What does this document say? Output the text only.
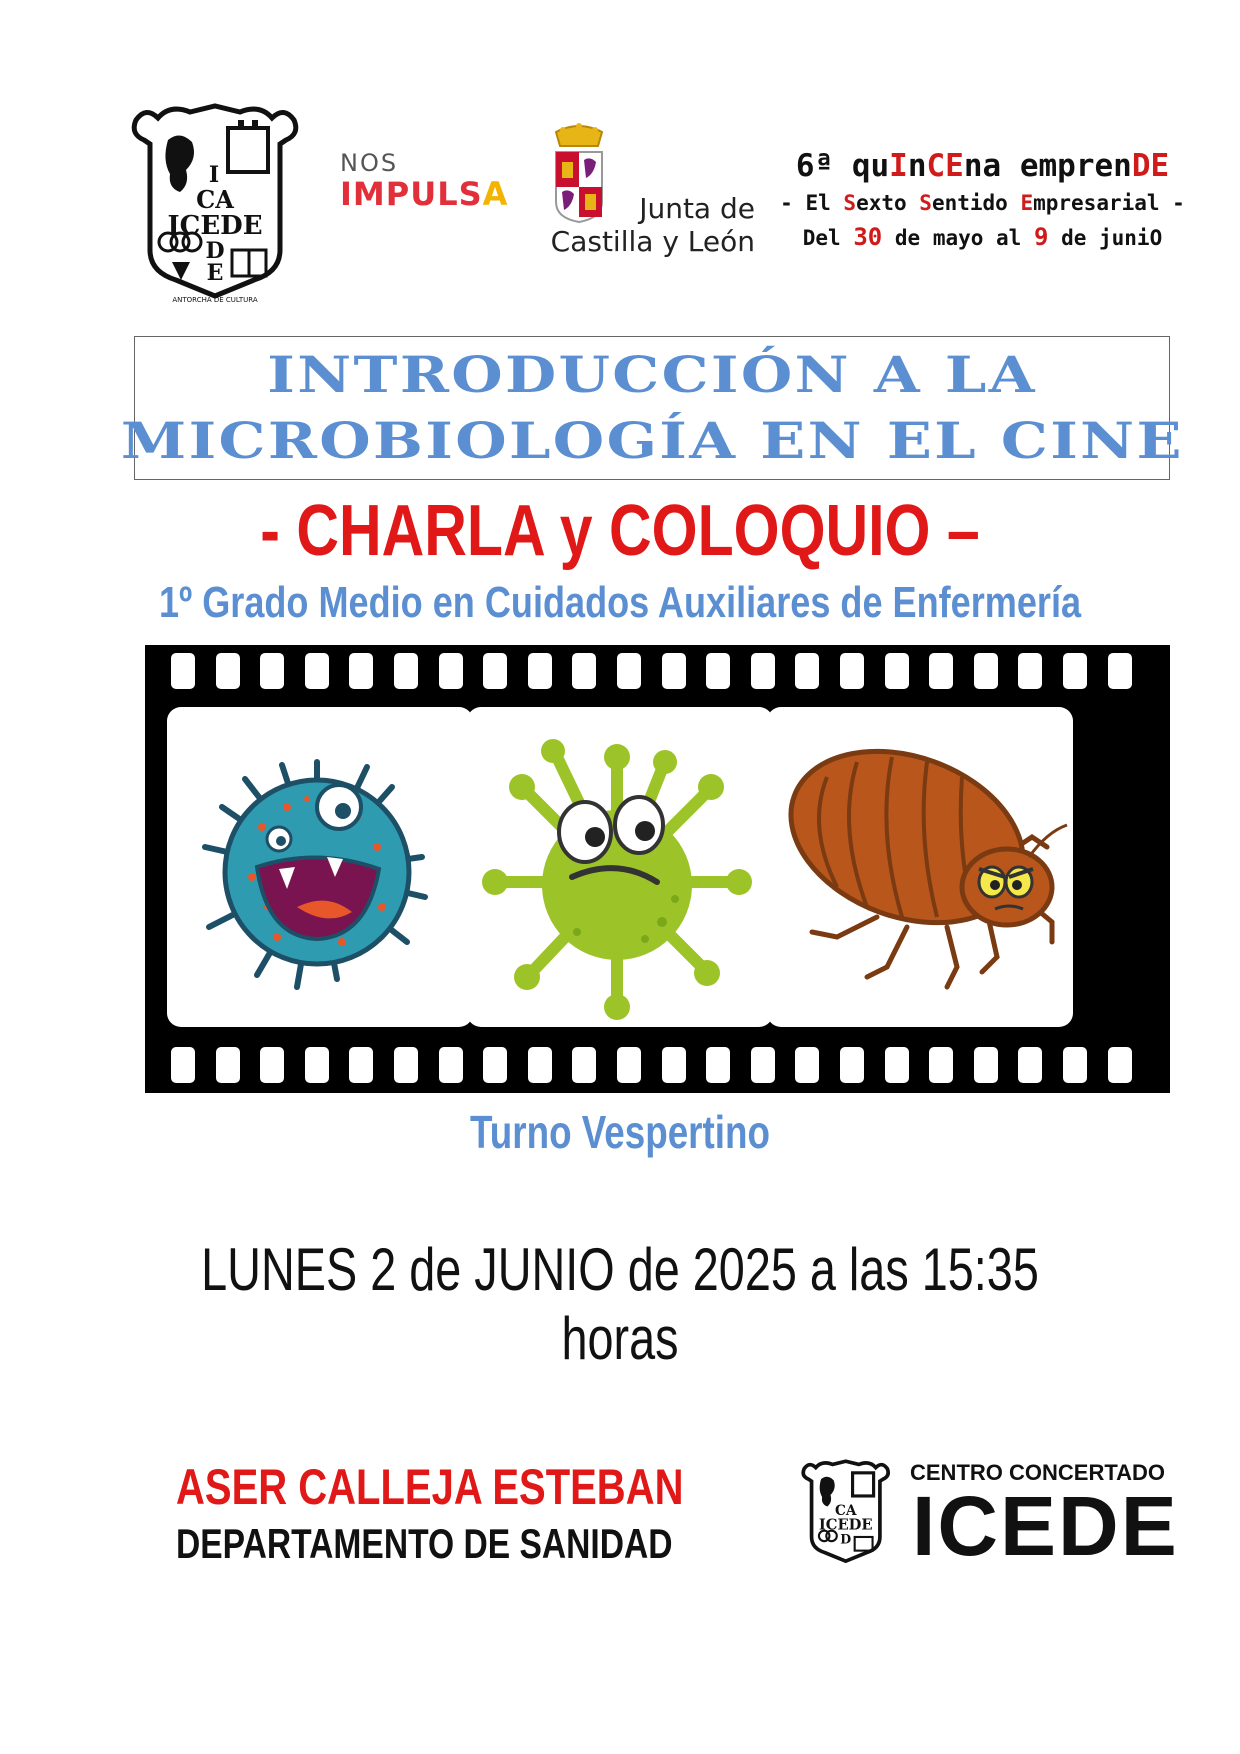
I
CA
ICEDE
D
E
ANTORCHA DE CULTURA
NOS
IMPULSA	Junta de
Castilla y León
6ª quInCEna emprenDE
- El Sexto Sentido Empresarial -
Del 30 de mayo al 9 de juniO
INTRODUCCIÓN A LA
MICROBIOLOGÍA EN EL CINE
- CHARLA y COLOQUIO –
1º Grado Medio en Cuidados Auxiliares de Enfermería
Turno Vespertino
LUNES 2 de JUNIO de 2025 a las 15:35 horas
ASER CALLEJA ESTEBAN
DEPARTAMENTO DE SANIDAD
CA
ICEDE
D
CENTRO CONCERTADO
ICEDE
